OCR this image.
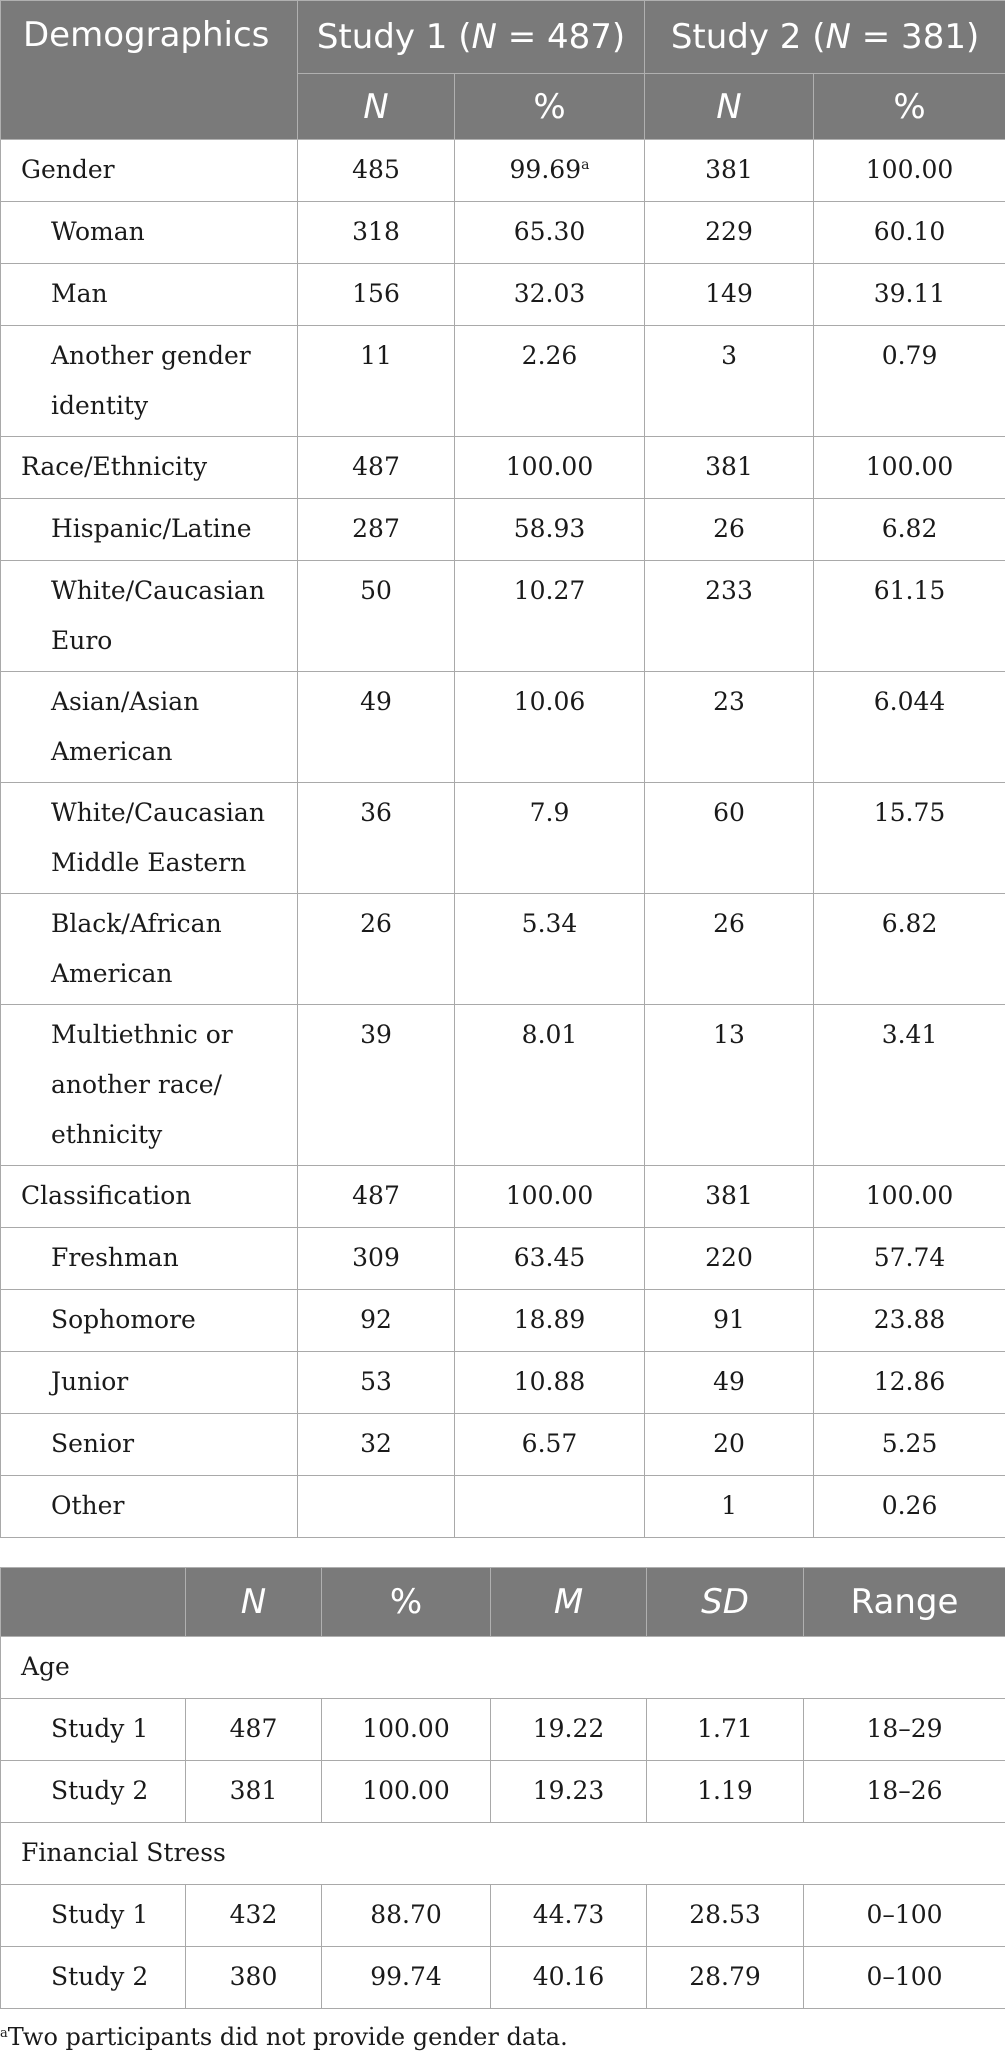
Demographics	Study 1 (N = 487)		Study 2 (N = 381)	
	N	%	N	%

Gender	485	99.69$^a$	381	100.00

Woman	318	65.30	229	60.10

Man	156	32.03	149	39.11

Another gender identity	11	2.26	3	0.79

Race/Ethnicity	487	100.00	381	100.00

Hispanic/Latine	287	58.93	26	6.82

White/Caucasian Euro	50	10.27	233	61.15

Asian/Asian American	49	10.06	23	6.044

White/Caucasian Middle Eastern	36	7.9	60	15.75

Black/African American	26	5.34	26	6.82

Multiethnic or another race/ ethnicity	39	8.01	13	3.41

Classification	487	100.00	381	100.00

Freshman	309	63.45	220	57.74

Sophomore	92	18.89	91	23.88

Junior	53	10.88	49	12.86

Senior	32	6.57	20	5.25

Other			1	0.26
	N	%	M	SD	Range

Age					

Study 1	487	100.00	19.22	1.71	18–29

Study 2	381	100.00	19.23	1.19	18–26

Financial Stress					

Study 1	432	88.70	44.73	28.53	0–100

Study 2	380	99.74	40.16	28.79	0–100
$^a$Two participants did not provide gender data.
